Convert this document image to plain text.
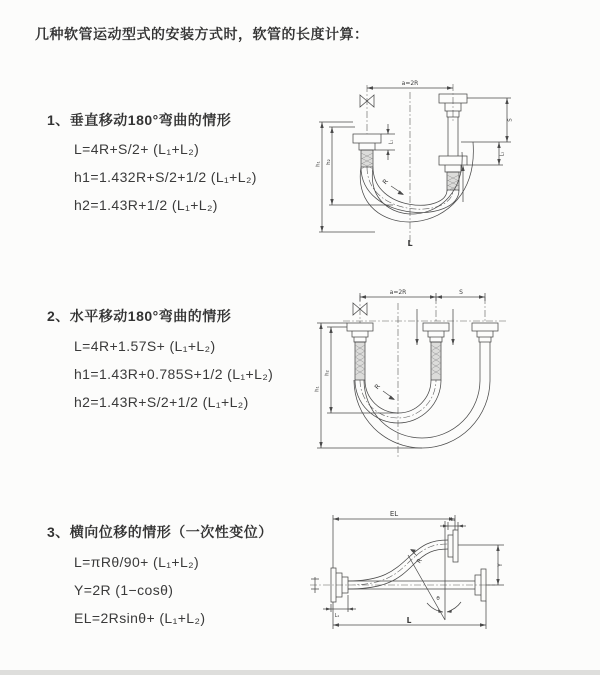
几种软管运动型式的安装方式时，软管的长度计算：
1、垂直移动180°弯曲的情形
L=4R+S/2+ (L₁+L₂)
h1=1.432R+S/2+1/2 (L₁+L₂)
h2=1.43R+1/2 (L₁+L₂)
a=2R
h₁ h₂
L₁
S
L₂
R
L
2、水平移动180°弯曲的情形
L=4R+1.57S+ (L₁+L₂)
h1=1.43R+0.785S+1/2 (L₁+L₂)
h2=1.43R+S/2+1/2 (L₁+L₂)
a=2R	S
h₁
h₂
R
3、横向位移的情形（一次性变位）
L=πRθ/90+ (L₁+L₂)
Y=2R (1−cosθ)
EL=2Rsinθ+ (L₁+L₂)
EL
L₂
Y
R
θ
L
L₁
